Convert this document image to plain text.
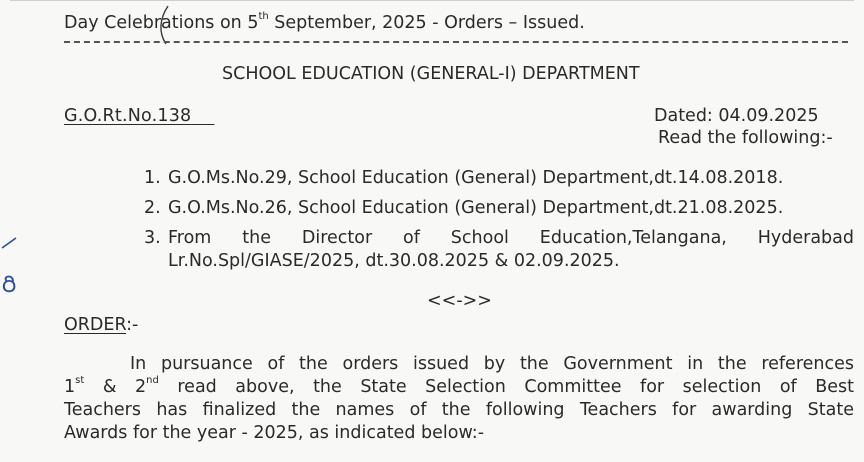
Day Celebrations on 5th September, 2025 - Orders – Issued.
SCHOOL EDUCATION (GENERAL-I) DEPARTMENT
G.O.Rt.No.138	Dated: 04.09.2025
Read the following:-
1. G.O.Ms.No.29, School Education (General) Department,dt.14.08.2018.
2. G.O.Ms.No.26, School Education (General) Department,dt.21.08.2025.
3. From the Director of School Education,Telangana, Hyderabad
Lr.No.Spl/GIASE/2025, dt.30.08.2025 & 02.09.2025.
<<->>
ORDER:-
In pursuance of the orders issued by the Government in the references
1st & 2nd read above, the State Selection Committee for selection of Best
Teachers has finalized the names of the following Teachers for awarding State
Awards for the year - 2025, as indicated below:-
రి
